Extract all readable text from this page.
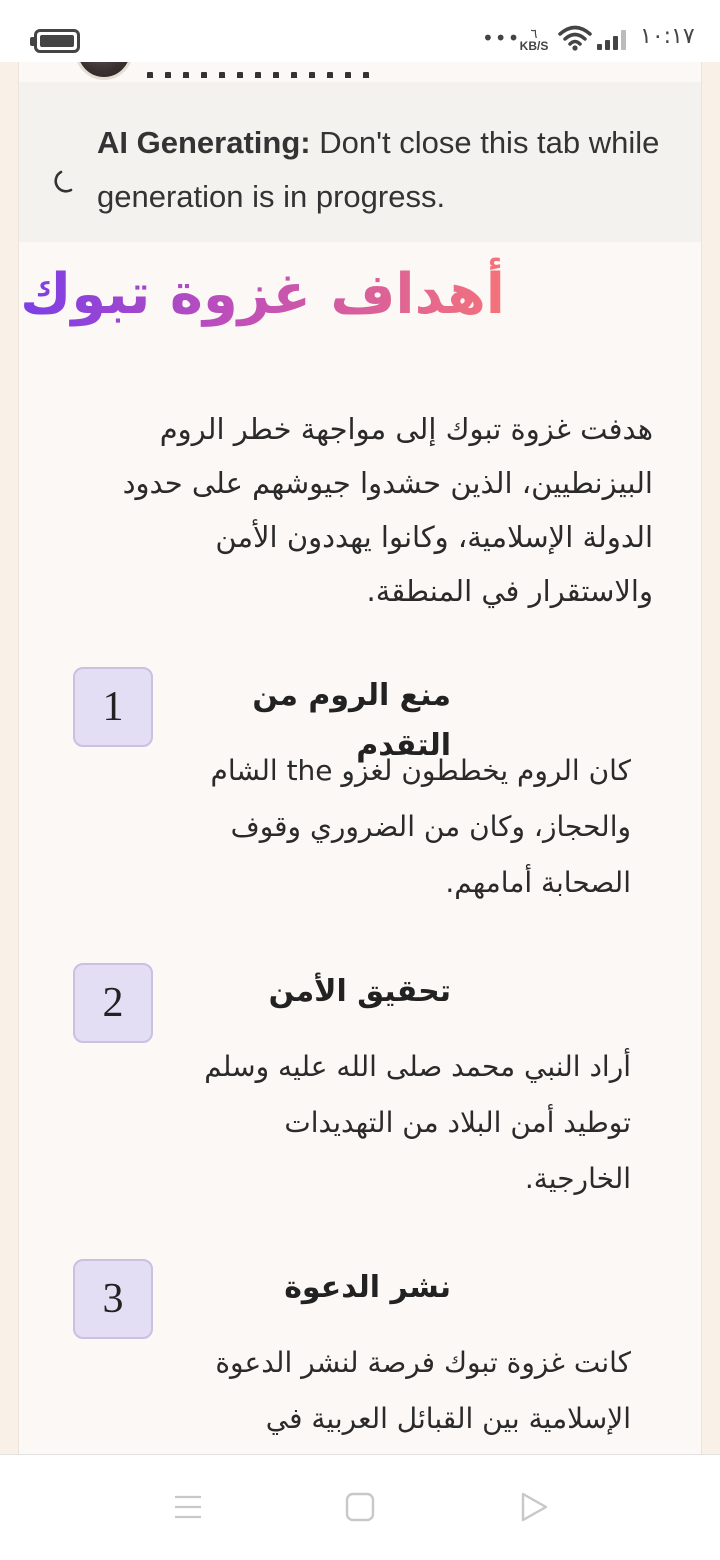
••• ٦
KB/S	١٠:١٧
AI Generating: Don't close this tab while generation is in progress.
أهداف غزوة تبوك

هدفت غزوة تبوك إلى مواجهة خطر الروم
البيزنطيين، الذين حشدوا جيوشهم على حدود
الدولة الإسلامية، وكانوا يهددون الأمن
والاستقرار في المنطقة.

1	منع الروم من التقدم
كان الروم يخططون لغزو the الشام
والحجاز، وكان من الضروري وقوف
الصحابة أمامهم.
2	تحقيق الأمن
أراد النبي محمد صلى الله عليه وسلم
توطيد أمن البلاد من التهديدات
الخارجية.
3	نشر الدعوة
كانت غزوة تبوك فرصة لنشر الدعوة
الإسلامية بين القبائل العربية في
